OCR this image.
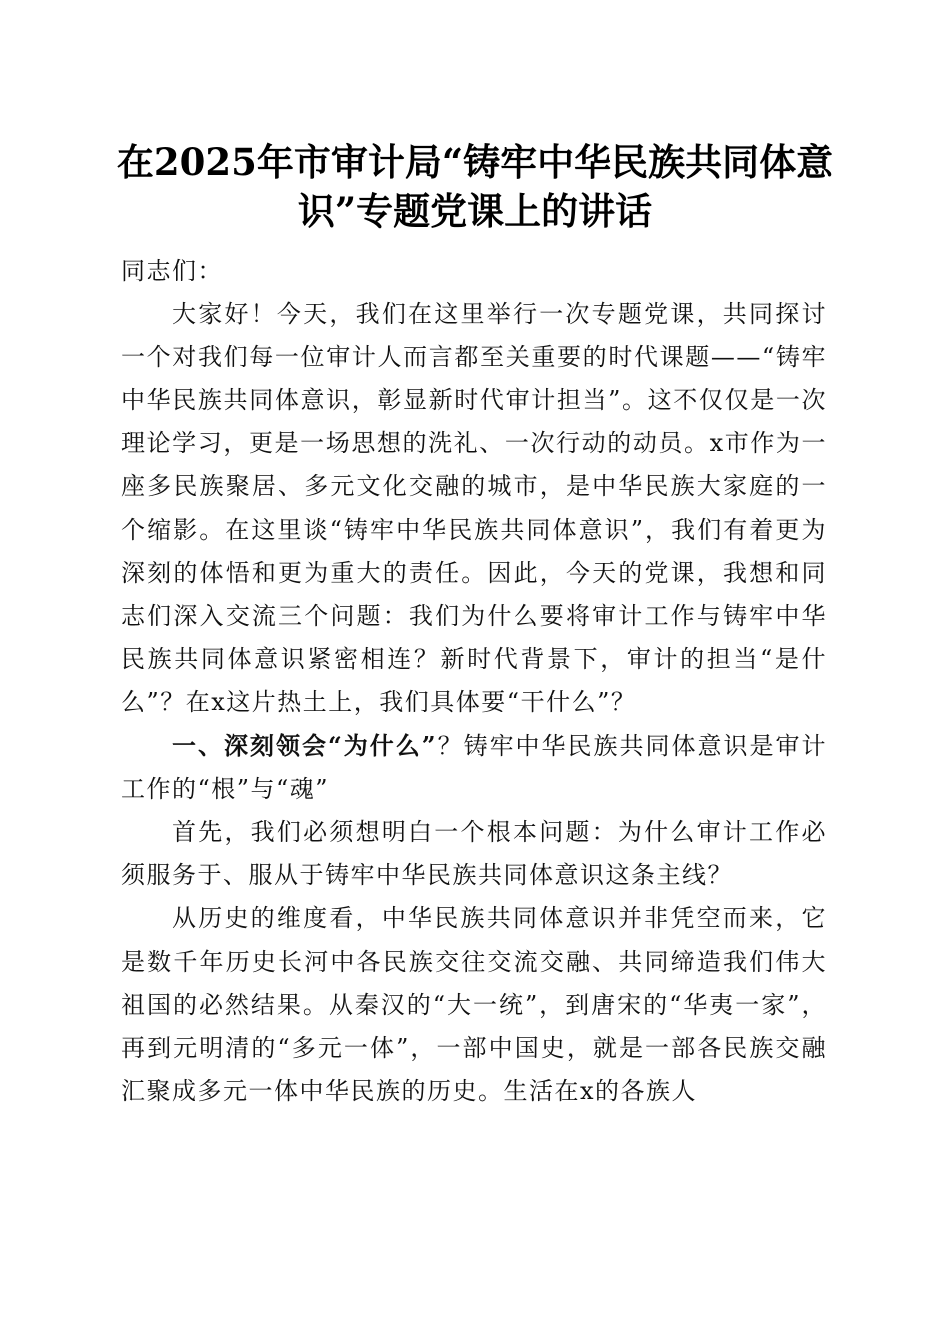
在2025年市审计局“铸牢中华民族共同体意
识”专题党课上的讲话

同志们：

大家好！今天，我们在这里举行一次专题党课，共同探讨一个对我们每一位审计人而言都至关重要的时代课题——“铸牢中华民族共同体意识，彰显新时代审计担当”。这不仅仅是一次理论学习，更是一场思想的洗礼、一次行动的动员。x市作为一座多民族聚居、多元文化交融的城市，是中华民族大家庭的一个缩影。在这里谈“铸牢中华民族共同体意识”，我们有着更为深刻的体悟和更为重大的责任。因此，今天的党课，我想和同志们深入交流三个问题：我们为什么要将审计工作与铸牢中华民族共同体意识紧密相连？新时代背景下，审计的担当“是什么”？在x这片热土上，我们具体要“干什么”？

一、深刻领会“为什么”？铸牢中华民族共同体意识是审计工作的“根”与“魂”

首先，我们必须想明白一个根本问题：为什么审计工作必须服务于、服从于铸牢中华民族共同体意识这条主线？

从历史的维度看，中华民族共同体意识并非凭空而来，它是数千年历史长河中各民族交往交流交融、共同缔造我们伟大祖国的必然结果。从秦汉的“大一统”，到唐宋的“华夷一家”，再到元明清的“多元一体”，一部中国史，就是一部各民族交融汇聚成多元一体中华民族的历史。生活在x的各族人
